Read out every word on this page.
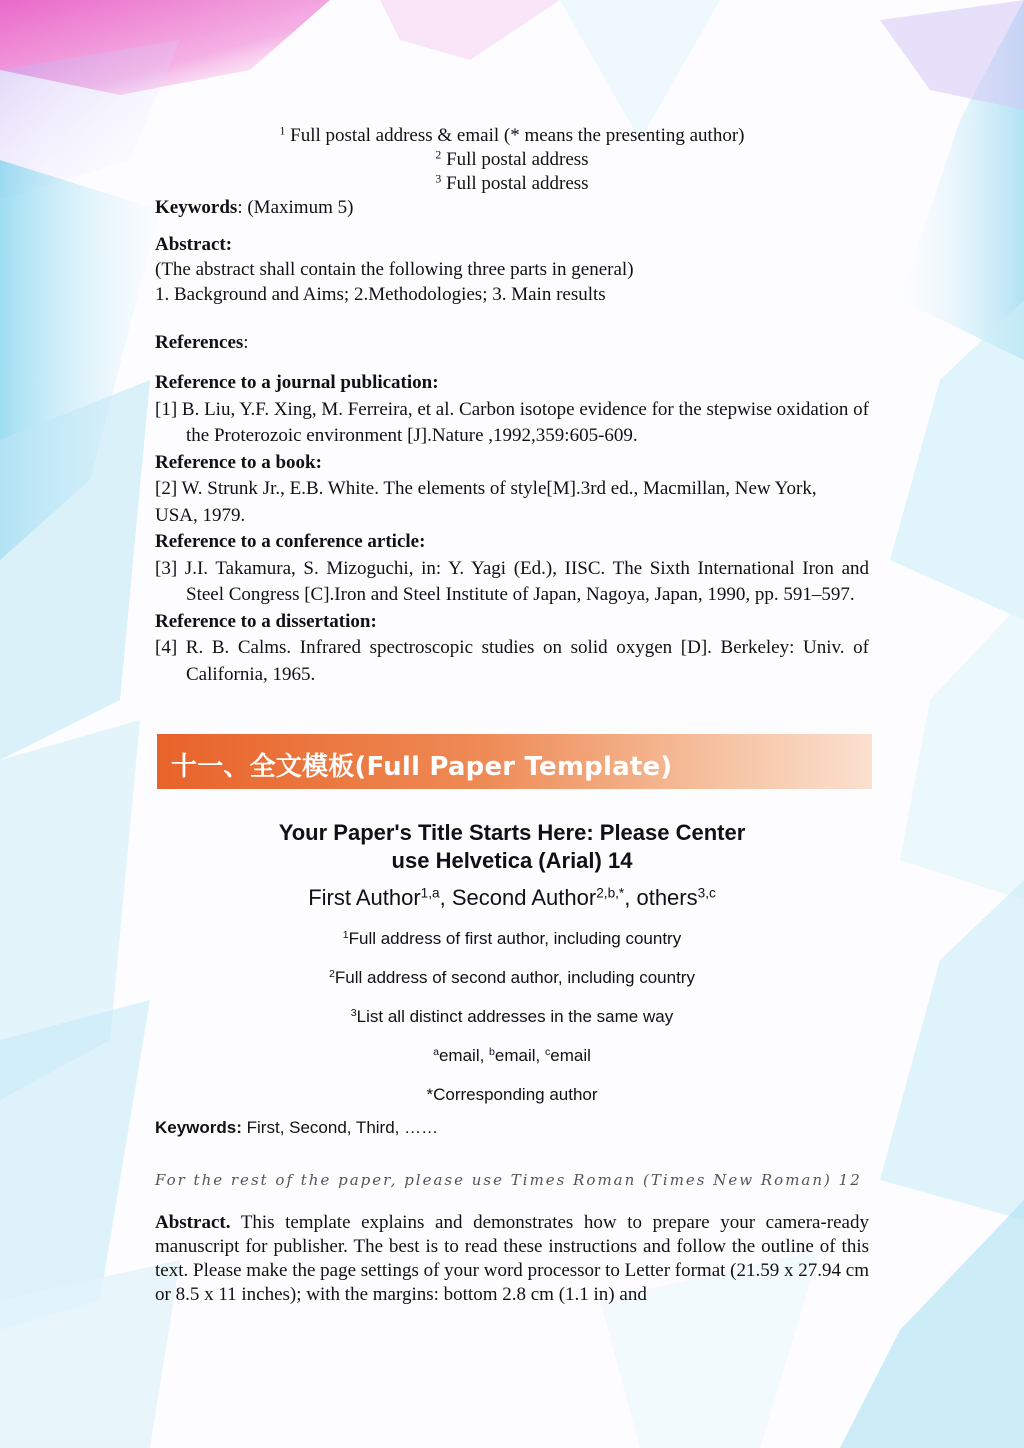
$^1$ Full postal address & email (* means the presenting author)
$^2$ Full postal address
$^3$ Full postal address
Keywords: (Maximum 5)
Abstract:
(The abstract shall contain the following three parts in general)
1. Background and Aims; 2.Methodologies; 3. Main results
References:
Reference to a journal publication:
[1] B. Liu, Y.F. Xing, M. Ferreira, et al. Carbon isotope evidence for the stepwise oxidation of the Proterozoic environment [J].Nature ,1992,359:605-609.
Reference to a book:
[2] W. Strunk Jr., E.B. White. The elements of style[M].3rd ed., Macmillan, New York, USA, 1979.
Reference to a conference article:
[3] J.I. Takamura, S. Mizoguchi, in: Y. Yagi (Ed.), IISC. The Sixth International Iron and Steel Congress [C].Iron and Steel Institute of Japan, Nagoya, Japan, 1990, pp. 591–597.
Reference to a dissertation:
[4] R. B. Calms. Infrared spectroscopic studies on solid oxygen [D]. Berkeley: Univ. of California, 1965.
十一、全文模板(Full Paper Template)
Your Paper's Title Starts Here: Please Center
use Helvetica (Arial) 14
First Author$^{1,a}$, Second Author$^{2,b,*}$, others$^{3,c}$
$^1$Full address of first author, including country
$^2$Full address of second author, including country
$^3$List all distinct addresses in the same way
$^a$email, $^b$email, $^c$email
*Corresponding author
Keywords: First, Second, Third, ……
For the rest of the paper, please use Times Roman (Times New Roman) 12
Abstract. This template explains and demonstrates how to prepare your camera-ready manuscript for publisher. The best is to read these instructions and follow the outline of this text. Please make the page settings of your word processor to Letter format (21.59 x 27.94 cm or 8.5 x 11 inches); with the margins: bottom 2.8 cm (1.1 in) and
